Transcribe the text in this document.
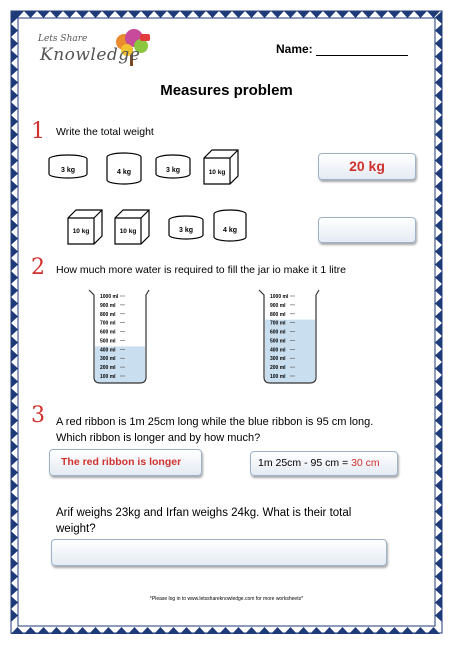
Lets Share
Knowledge	Name:
Measures problem
1 Write the total weight
3 kg	4 kg	3 kg	10 kg
10 kg	10 kg	3 kg	4 kg
20 kg
2 How much more water is required to fill the jar io make it 1 litre
1000 ml
900 ml
800 ml
700 ml
600 ml
500 ml
400 ml
300 ml
200 ml
100 ml
1000 ml
900 ml
800 ml
700 ml
600 ml
500 ml
400 ml
300 ml
200 ml
100 ml
3 A red ribbon is 1m 25cm long while the blue ribbon is 95 cm long.
Which ribbon is longer and by how much?
The red ribbon is longer	1m 25cm - 95 cm = 30 cm
Arif weighs 23kg and Irfan weighs 24kg. What is their total
weight?
*Please log in to www.letsshareknowledge.com for more worksheets*
